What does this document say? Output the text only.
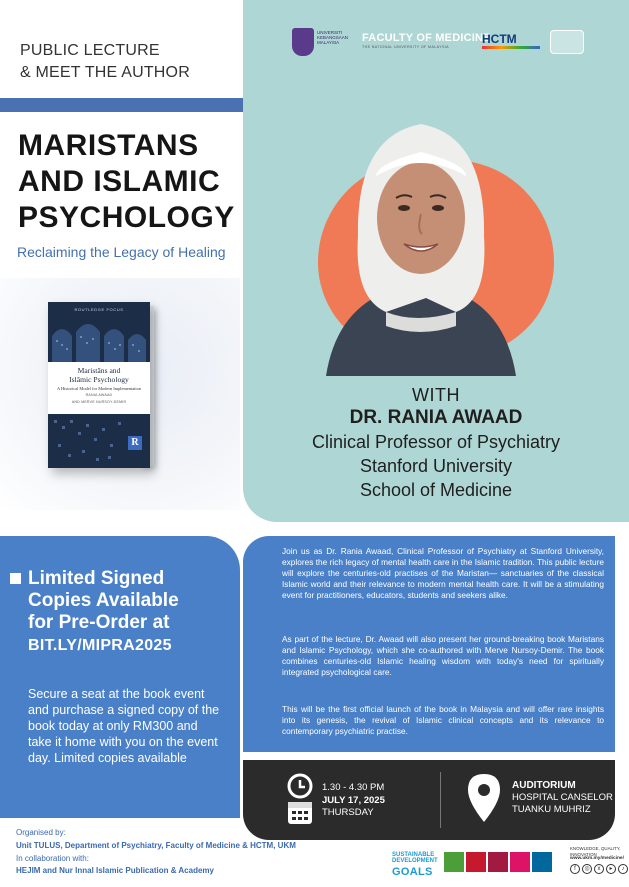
PUBLIC LECTURE
& MEET THE AUTHOR
MARISTANS
AND ISLAMIC
PSYCHOLOGY
Reclaiming the Legacy of Healing
ROUTLEDGE FOCUS
Maristāns and
Islāmic Psychology
A Historical Model for Modern Implementation
RANIA AWAAD
AND MERVE NURSOY-DEMIR
R
UNIVERSITI
KEBANGSAAN
MALAYSIA	FACULTY OF MEDICINE
THE NATIONAL UNIVERSITY OF MALAYSIA
HCTM
WITH
DR. RANIA AWAAD
Clinical Professor of Psychiatry
Stanford University
School of Medicine
Limited Signed
Copies Available
for Pre-Order at
BIT.LY/MIPRA2025
Secure a seat at the book event and purchase a signed copy of the book today at only RM300 and take it home with you on the event day. Limited copies available
Join us as Dr. Rania Awaad, Clinical Professor of Psychiatry at Stanford University, explores the rich legacy of mental health care in the Islamic tradition. This public lecture will explore the centuries-old practises of the Maristan— sanctuaries of the classical Islamic world and their relevance to modern mental health care. It will be a stimulating event for practitioners, educators, students and seekers alike.
As part of the lecture, Dr. Awaad will also present her ground-breaking book Maristans and Islamic Psychology, which she co-authored with Merve Nursoy-Demir. The book combines centuries-old Islamic healing wisdom with today's need for spiritually integrated psychological care.
This will be the first official launch of the book in Malaysia and will offer rare insights into its genesis, the revival of Islamic clinical concepts and its relevance to contemporary psychiatric practise.
1.30 - 4.30 PM
JULY 17, 2025
THURSDAY
AUDITORIUM
HOSPITAL CANSELOR
TUANKU MUHRIZ
Organised by:
Unit TULUS, Department of Psychiatry, Faculty of Medicine & HCTM, UKM
In collaboration with:
HEJIM and Nur Innal Islamic Publication & Academy
SUSTAINABLE
DEVELOPMENT
GOALS
KNOWLEDGE, QUALITY, INNOVATION
www.ukm.my/medicine/
f	◎	x	▸	♪
